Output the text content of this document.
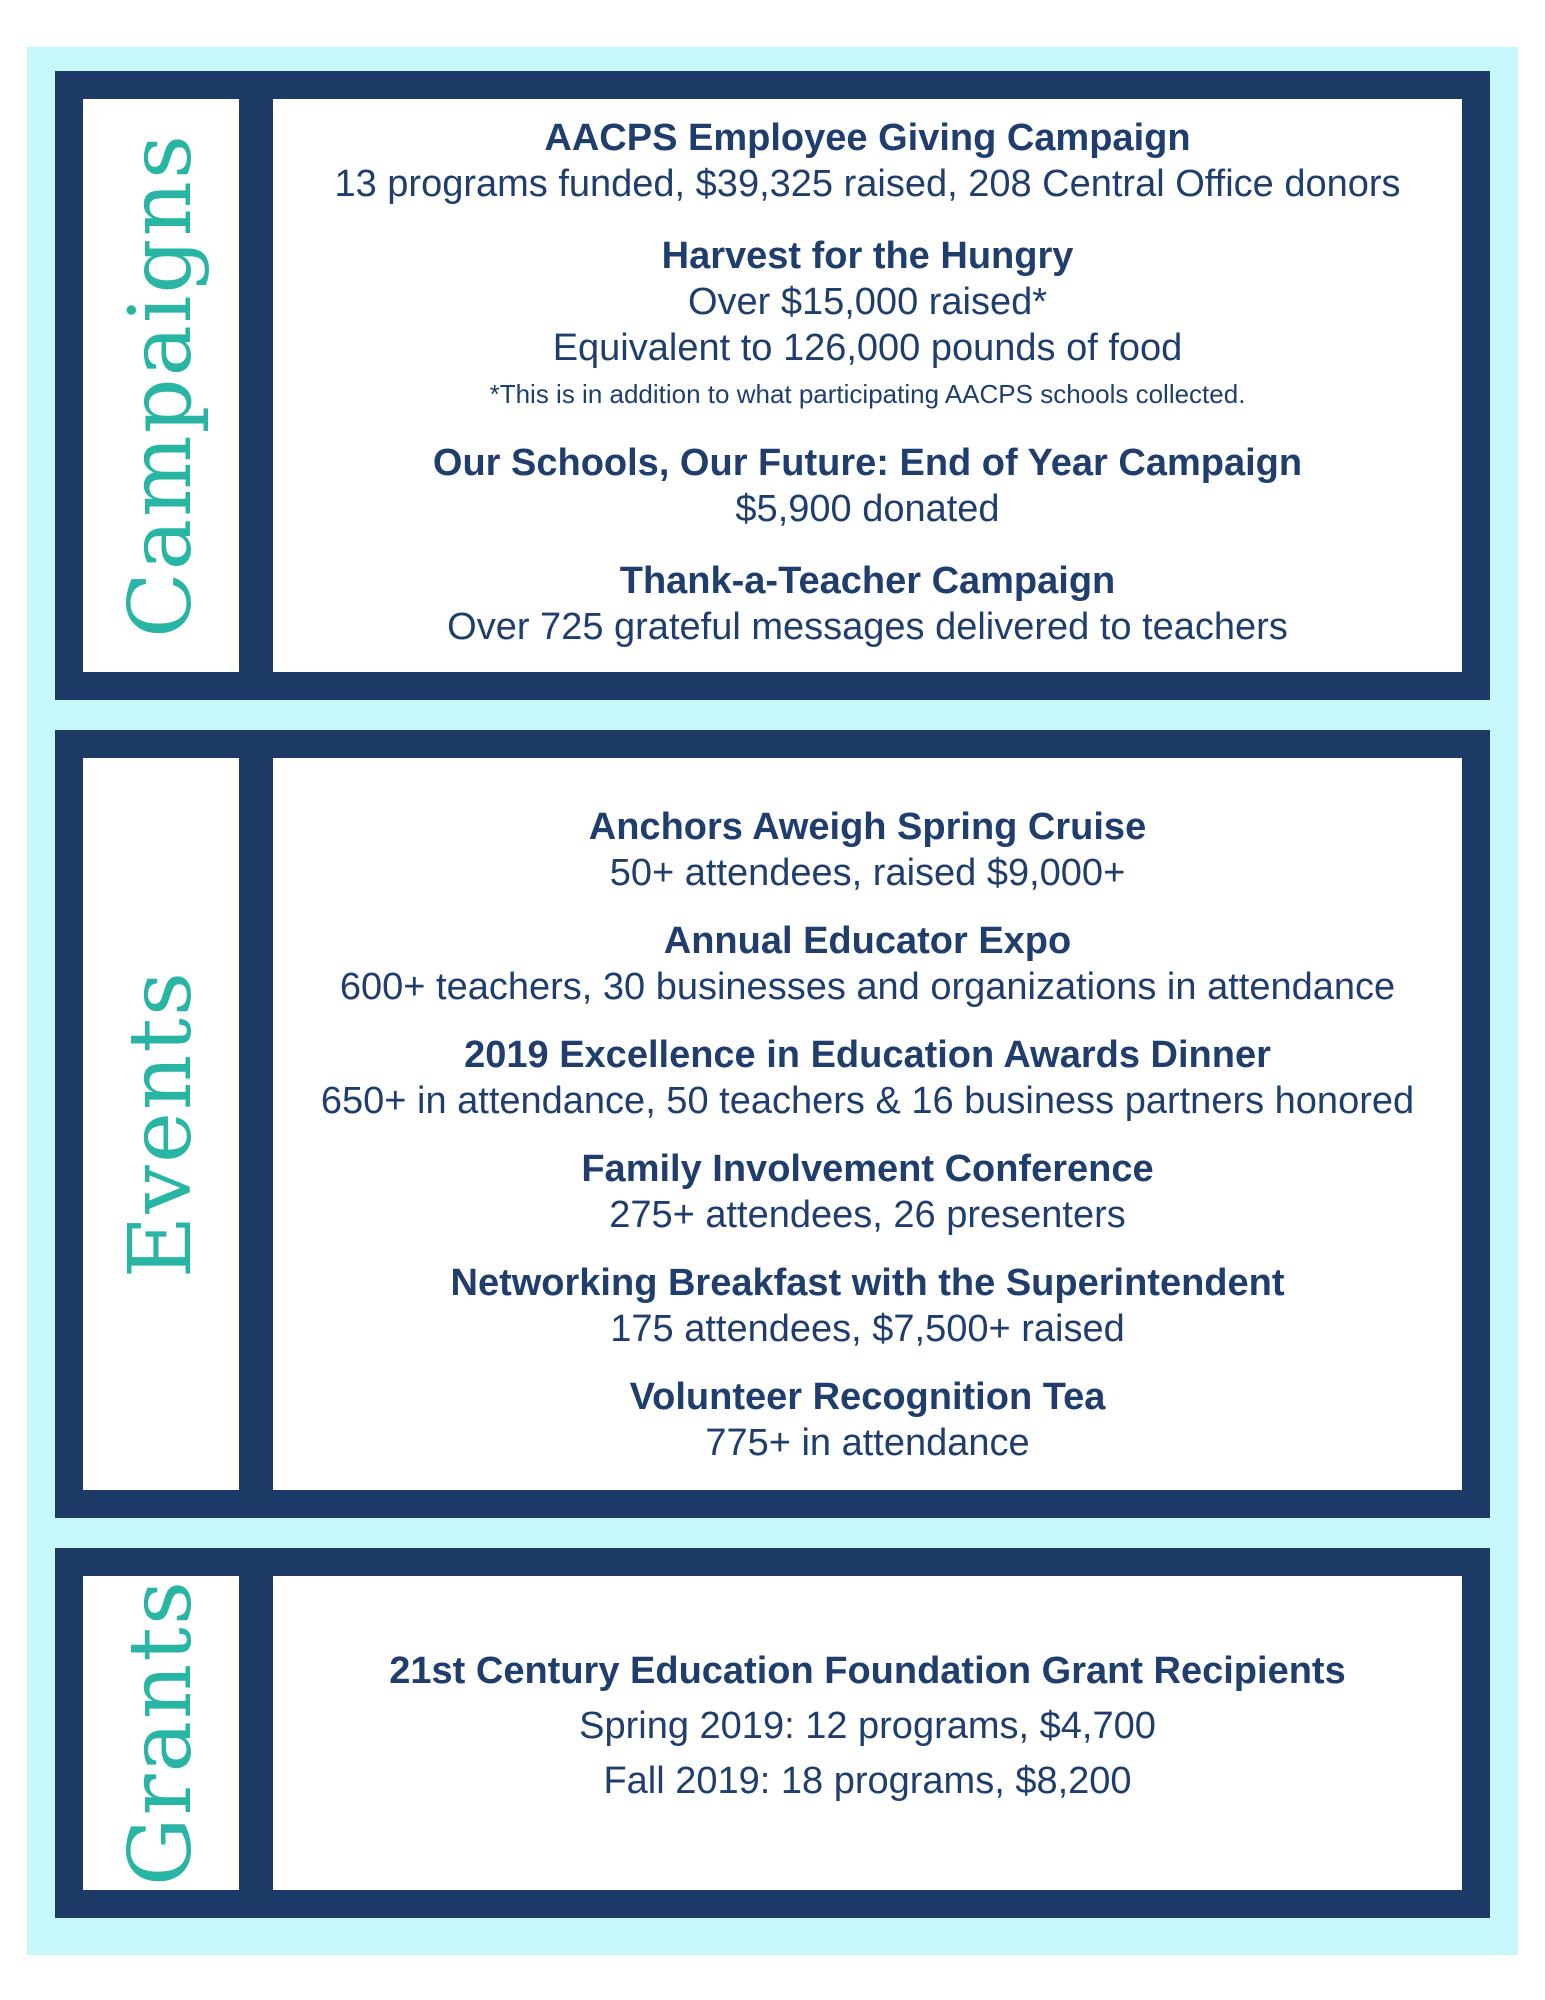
Campaigns	AACPS Employee Giving Campaign
13 programs funded, $39,325 raised, 208 Central Office donors
Harvest for the Hungry
Over $15,000 raised*
Equivalent to 126,000 pounds of food
*This is in addition to what participating AACPS schools collected.
Our Schools, Our Future: End of Year Campaign
$5,900 donated
Thank-a-Teacher Campaign
Over 725 grateful messages delivered to teachers
Events
Anchors Aweigh Spring Cruise
50+ attendees, raised $9,000+
Annual Educator Expo
600+ teachers, 30 businesses and organizations in attendance
2019 Excellence in Education Awards Dinner
650+ in attendance, 50 teachers & 16 business partners honored
Family Involvement Conference
275+ attendees, 26 presenters
Networking Breakfast with the Superintendent
175 attendees, $7,500+ raised
Volunteer Recognition Tea
775+ in attendance
Grants	21st Century Education Foundation Grant Recipients
Spring 2019: 12 programs, $4,700
Fall 2019: 18 programs, $8,200
